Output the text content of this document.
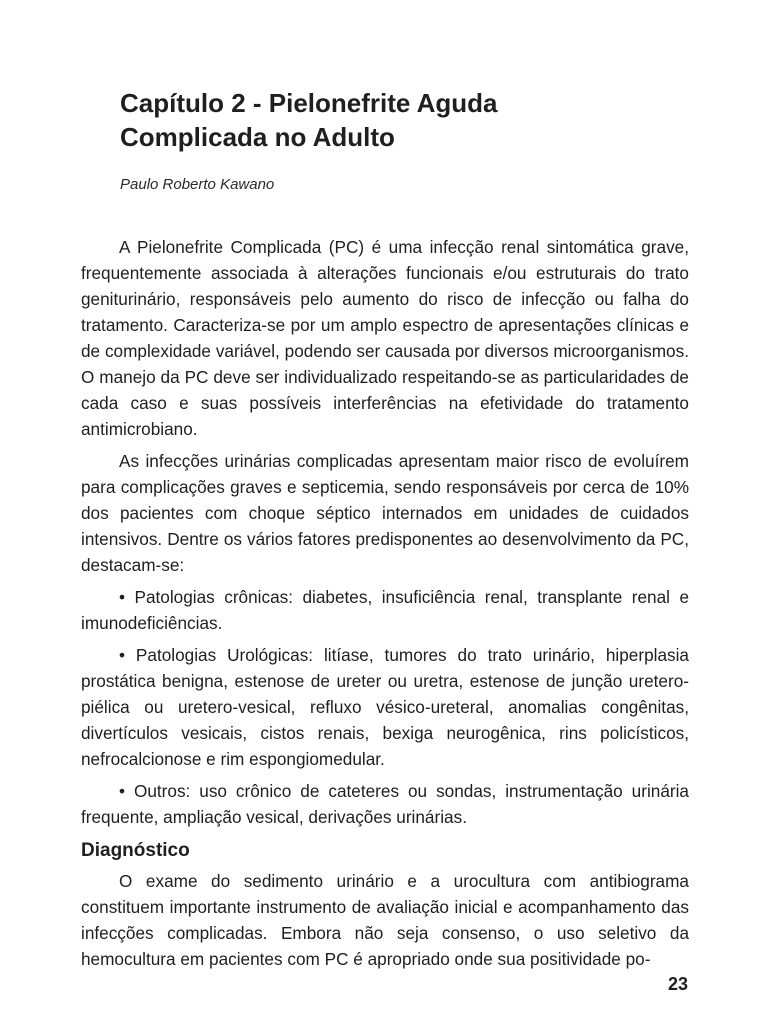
Capítulo 2 - Pielonefrite Aguda
Complicada no Adulto

Paulo Roberto Kawano

A Pielonefrite Complicada (PC) é uma infecção renal sintomática grave, frequentemente associada à alterações funcionais e/ou estruturais do trato geniturinário, responsáveis pelo aumento do risco de infecção ou falha do tratamento. Caracteriza-se por um amplo espectro de apresentações clínicas e de complexidade variável, podendo ser causada por diversos microorganismos. O manejo da PC deve ser individualizado respeitando-se as particularidades de cada caso e suas possíveis interferências na efetividade do tratamento antimicrobiano.

As infecções urinárias complicadas apresentam maior risco de evoluírem para complicações graves e septicemia, sendo responsáveis por cerca de 10% dos pacientes com choque séptico internados em unidades de cuidados intensivos. Dentre os vários fatores predisponentes ao desenvolvimento da PC, destacam-se:

• Patologias crônicas: diabetes, insuficiência renal, transplante renal e imunodeficiências.

• Patologias Urológicas: litíase, tumores do trato urinário, hiperplasia prostática benigna, estenose de ureter ou uretra, estenose de junção uretero-piélica ou uretero-vesical, refluxo vésico-ureteral, anomalias congênitas, divertículos vesicais, cistos renais, bexiga neurogênica, rins policísticos, nefrocalcionose e rim espongiomedular.

• Outros: uso crônico de cateteres ou sondas, instrumentação urinária frequente, ampliação vesical, derivações urinárias.

Diagnóstico

O exame do sedimento urinário e a urocultura com antibiograma constituem importante instrumento de avaliação inicial e acompanhamento das infecções complicadas. Embora não seja consenso, o uso seletivo da hemocultura em pacientes com PC é apropriado onde sua positividade po-

23
